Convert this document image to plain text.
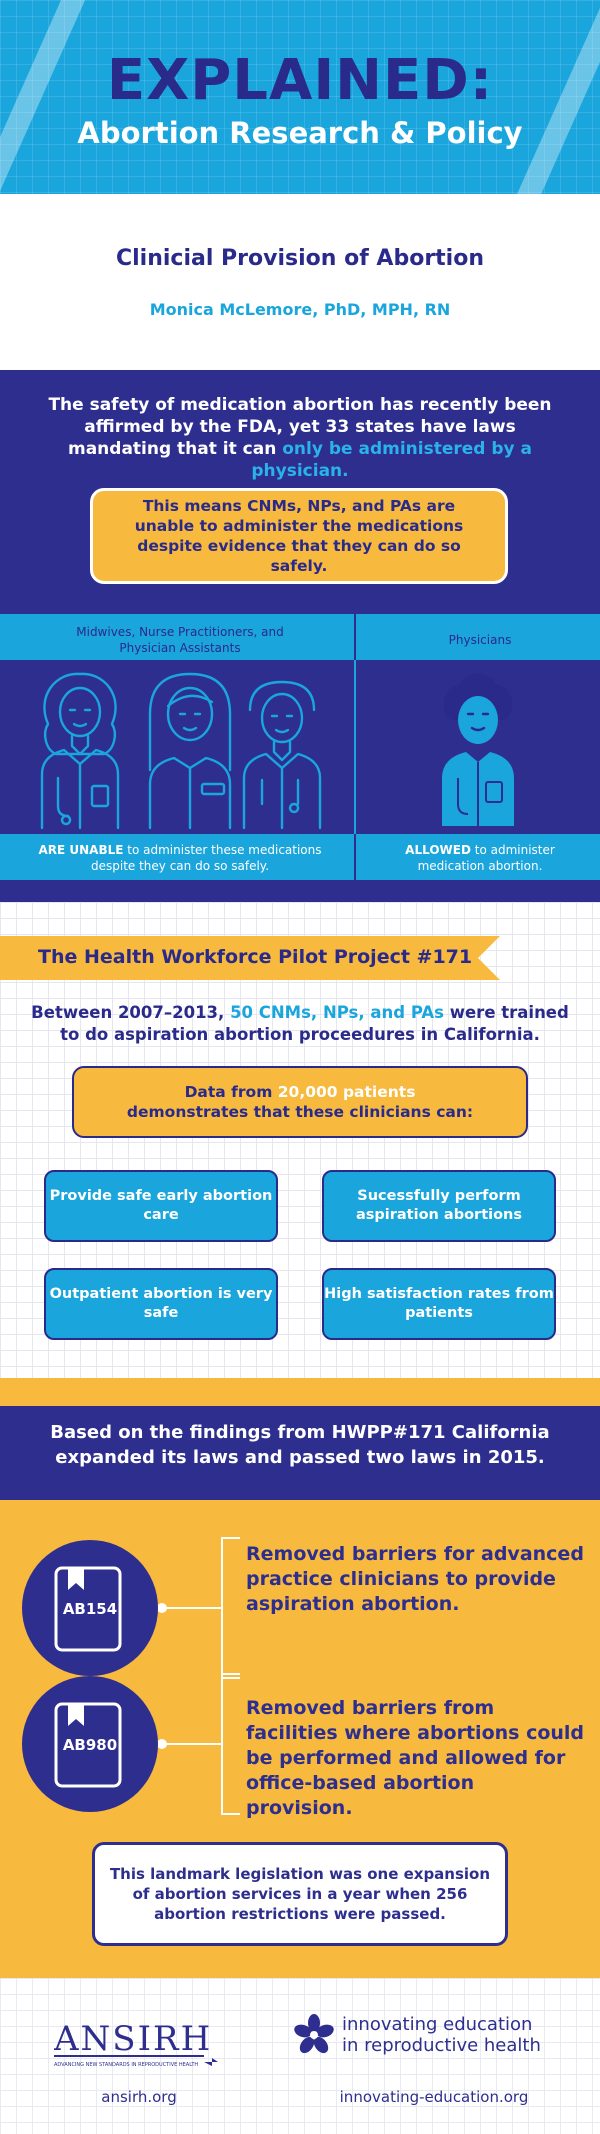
EXPLAINED:
Abortion Research & Policy
Clinicial Provision of Abortion
Monica McLemore, PhD, MPH, RN
The safety of medication abortion has recently been affirmed by the FDA, yet 33 states have laws mandating that it can only be administered by a physician.
This means CNMs, NPs, and PAs are unable to administer the medications despite evidence that they can do so safely.
Midwives, Nurse Practitioners, and Physician Assistants
Physicians
ARE UNABLE to administer these medications despite they can do so safely.
ALLOWED to administer medication abortion.
The Health Workforce Pilot Project #171
Between 2007–2013, 50 CNMs, NPs, and PAs were trained to do aspiration abortion proceedures in California.
Data from 20,000 patients
demonstrates that these clinicians can:
Provide safe early abortion care
Sucessfully perform aspiration abortions
Outpatient abortion is very safe
High satisfaction rates from patients
Based on the findings from HWPP#171 California expanded its laws and passed two laws in 2015.
AB154
Removed barriers for advanced practice clinicians to provide aspiration abortion.
AB980
Removed barriers from facilities where abortions could be performed and allowed for office-based abortion provision.
This landmark legislation was one expansion of abortion services in a year when 256 abortion restrictions were passed.
ANSIRH
ADVANCING NEW STANDARDS IN REPRODUCTIVE HEALTH
ansirh.org
innovating education
in reproductive health
innovating-education.org
